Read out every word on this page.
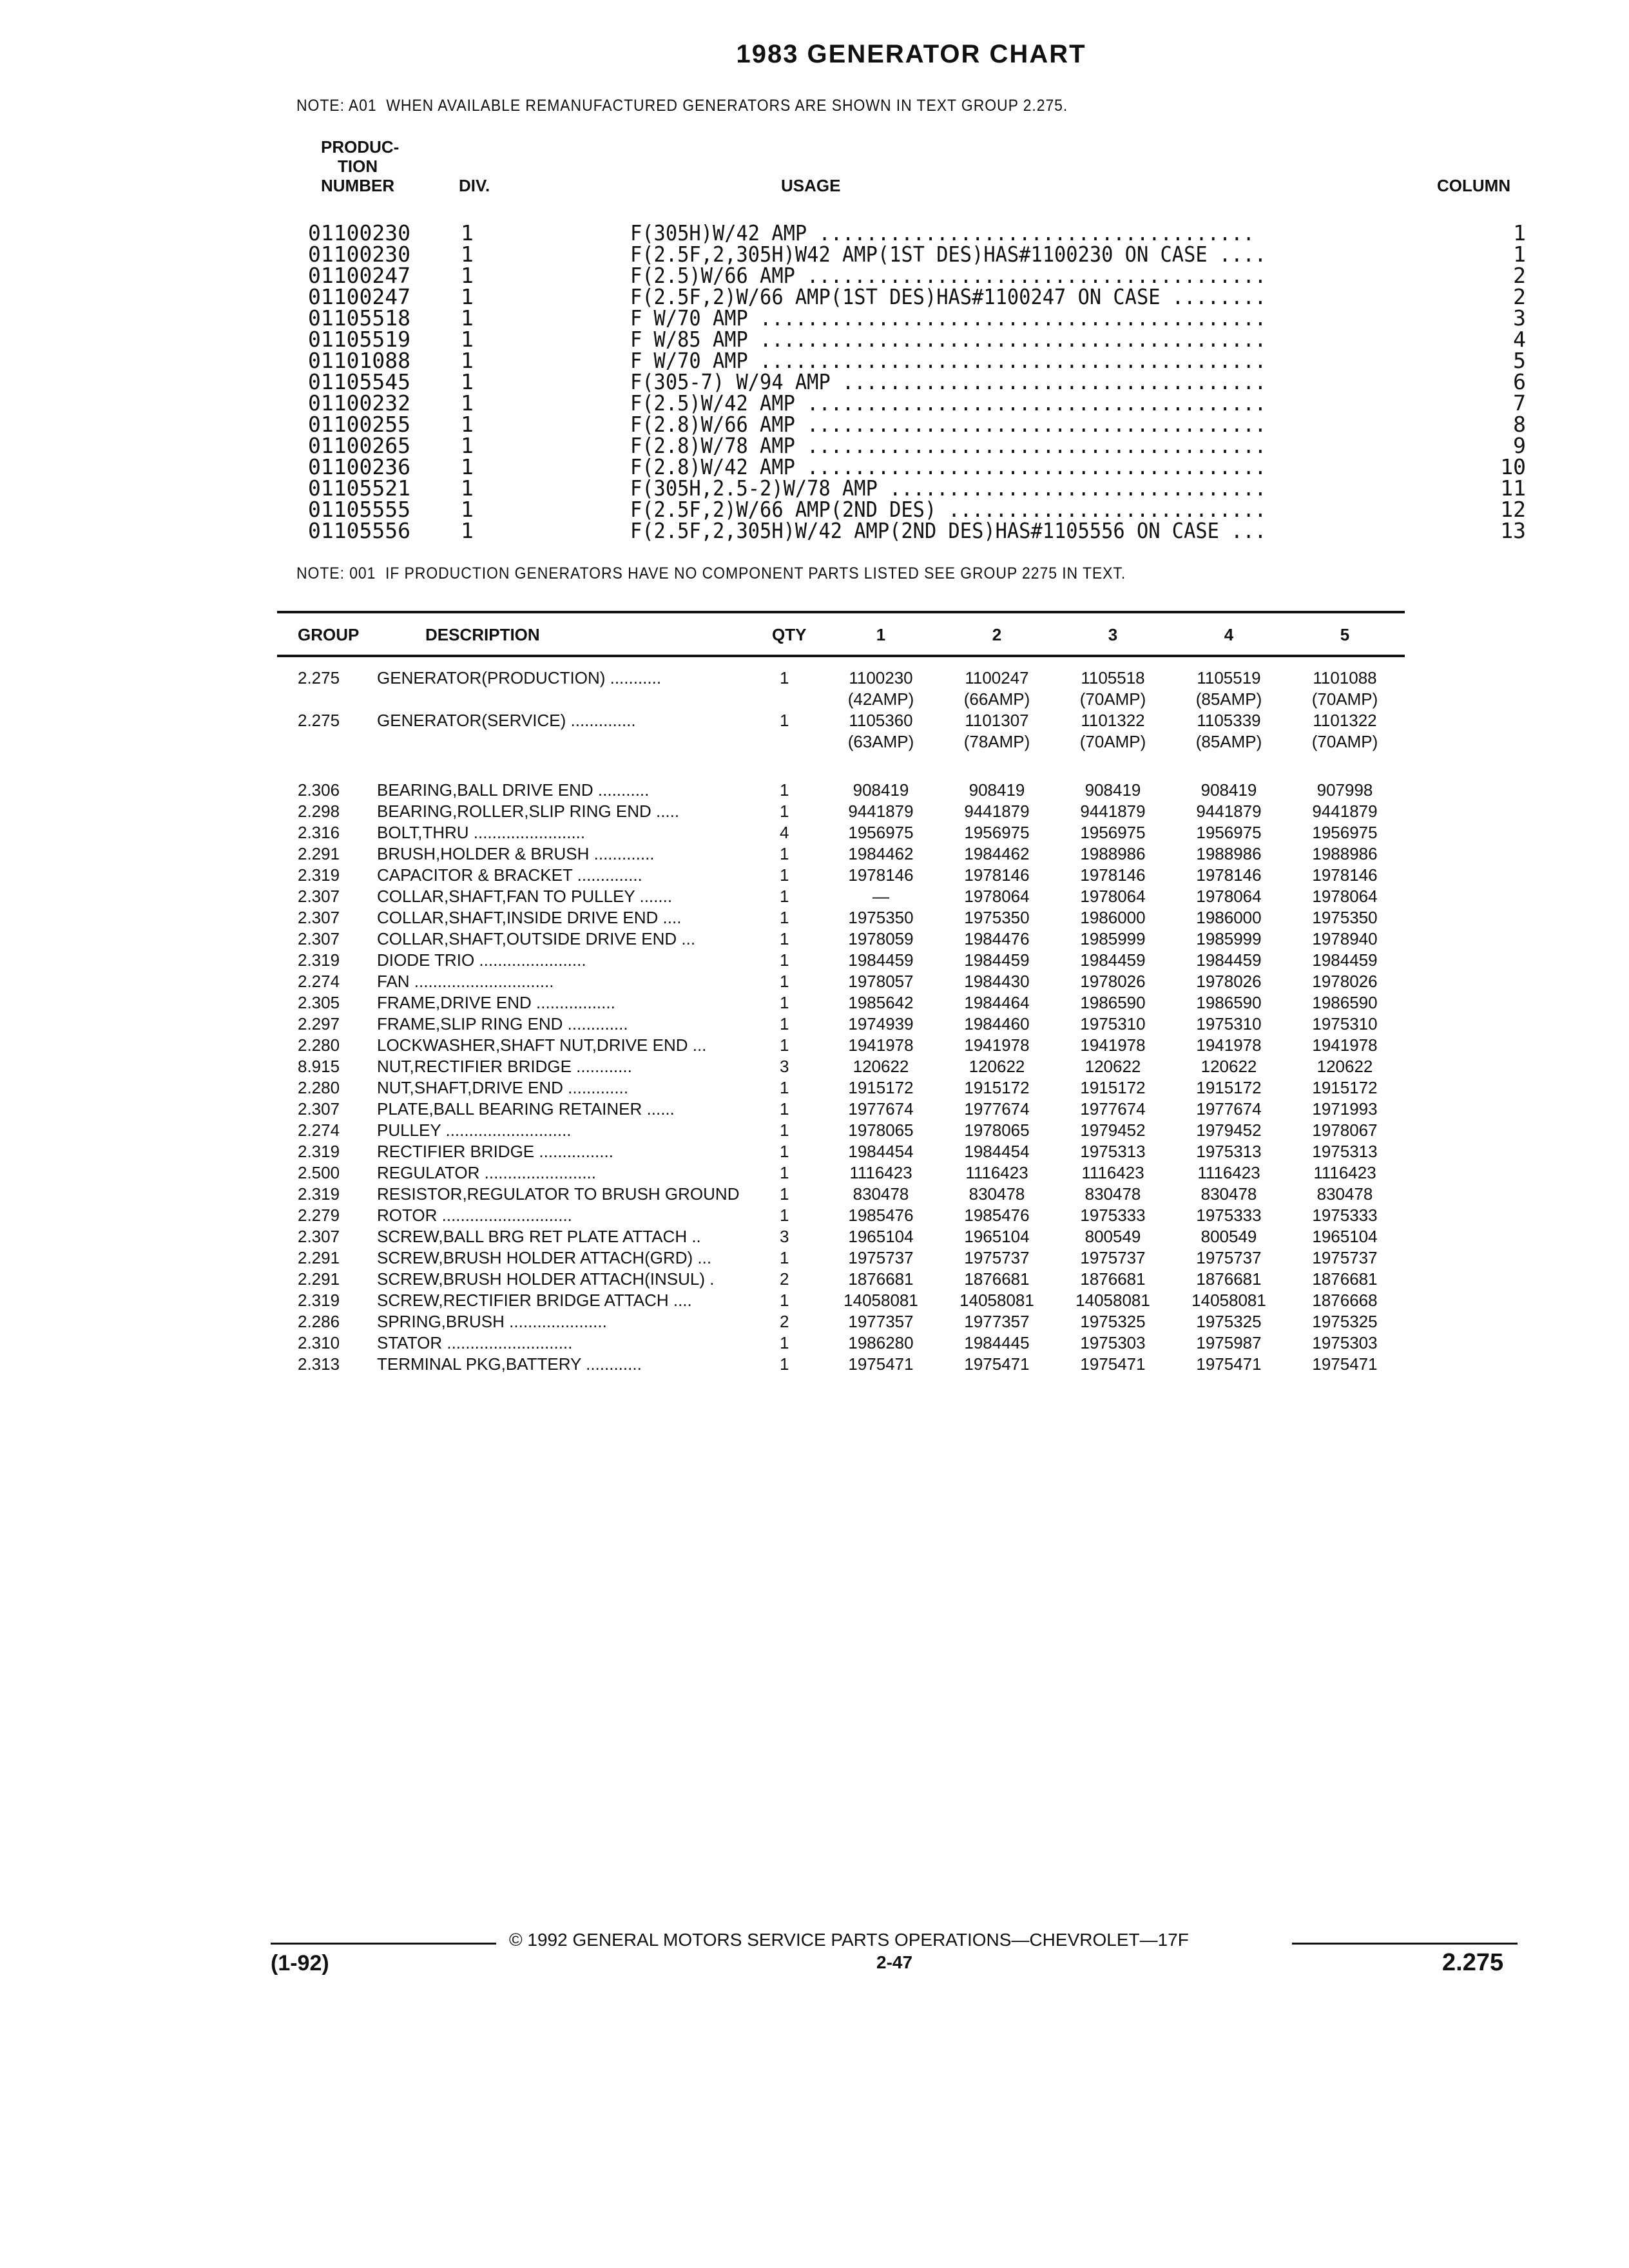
1983 GENERATOR CHART
NOTE: A01  WHEN AVAILABLE REMANUFACTURED GENERATORS ARE SHOWN IN TEXT GROUP 2.275.
PRODUC-
TION
NUMBER	DIV.	USAGE	COLUMN
01100230 1	F(305H)W/42 AMP .....................................	1
01100230 1	F(2.5F,2,305H)W42 AMP(1ST DES)HAS#1100230 ON CASE ....	1
01100247 1	F(2.5)W/66 AMP .......................................	2
01100247 1	F(2.5F,2)W/66 AMP(1ST DES)HAS#1100247 ON CASE ........	2
01105518 1	F W/70 AMP ...........................................	3
01105519 1	F W/85 AMP ...........................................	4
01101088 1	F W/70 AMP ...........................................	5
01105545 1	F(305-7) W/94 AMP ....................................	6
01100232 1	F(2.5)W/42 AMP .......................................	7
01100255 1	F(2.8)W/66 AMP .......................................	8
01100265 1	F(2.8)W/78 AMP .......................................	9
01100236 1	F(2.8)W/42 AMP .......................................	10
01105521 1	F(305H,2.5-2)W/78 AMP ................................	11
01105555 1	F(2.5F,2)W/66 AMP(2ND DES) ...........................	12
01105556 1	F(2.5F,2,305H)W/42 AMP(2ND DES)HAS#1105556 ON CASE ...	13
NOTE: 001  IF PRODUCTION GENERATORS HAVE NO COMPONENT PARTS LISTED SEE GROUP 2275 IN TEXT.
GROUP	DESCRIPTION	QTY	1	2	3	4	5
2.275 GENERATOR(PRODUCTION) ...........	1	1100230	1100247	1105518	1105519	1101088
(42AMP)	(66AMP)	(70AMP)	(85AMP)	(70AMP)
2.275 GENERATOR(SERVICE) ..............	1	1105360	1101307	1101322	1105339	1101322
(63AMP)	(78AMP)	(70AMP)	(85AMP)	(70AMP)
2.306 BEARING,BALL DRIVE END ...........	1	908419	908419	908419	908419	907998
2.298 BEARING,ROLLER,SLIP RING END .....	1	9441879	9441879	9441879	9441879	9441879
2.316 BOLT,THRU ........................	4	1956975	1956975	1956975	1956975	1956975
2.291 BRUSH,HOLDER & BRUSH .............	1	1984462	1984462	1988986	1988986	1988986
2.319 CAPACITOR & BRACKET ..............	1	1978146	1978146	1978146	1978146	1978146
2.307 COLLAR,SHAFT,FAN TO PULLEY .......	1	—	1978064	1978064	1978064	1978064
2.307 COLLAR,SHAFT,INSIDE DRIVE END ....	1	1975350	1975350	1986000	1986000	1975350
2.307 COLLAR,SHAFT,OUTSIDE DRIVE END ...	1	1978059	1984476	1985999	1985999	1978940
2.319 DIODE TRIO .......................	1	1984459	1984459	1984459	1984459	1984459
2.274 FAN ..............................	1	1978057	1984430	1978026	1978026	1978026
2.305 FRAME,DRIVE END .................	1	1985642	1984464	1986590	1986590	1986590
2.297 FRAME,SLIP RING END .............	1	1974939	1984460	1975310	1975310	1975310
2.280 LOCKWASHER,SHAFT NUT,DRIVE END ...	1	1941978	1941978	1941978	1941978	1941978
8.915 NUT,RECTIFIER BRIDGE ............	3	120622	120622	120622	120622	120622
2.280 NUT,SHAFT,DRIVE END .............	1	1915172	1915172	1915172	1915172	1915172
2.307 PLATE,BALL BEARING RETAINER ......	1	1977674	1977674	1977674	1977674	1971993
2.274 PULLEY ...........................	1	1978065	1978065	1979452	1979452	1978067
2.319 RECTIFIER BRIDGE ................	1	1984454	1984454	1975313	1975313	1975313
2.500 REGULATOR ........................	1	1116423	1116423	1116423	1116423	1116423
2.319 RESISTOR,REGULATOR TO BRUSH GROUND 1	830478	830478	830478	830478	830478
2.279 ROTOR ............................	1	1985476	1985476	1975333	1975333	1975333
2.307 SCREW,BALL BRG RET PLATE ATTACH ..	3	1965104	1965104	800549	800549	1965104
2.291 SCREW,BRUSH HOLDER ATTACH(GRD) ...	1	1975737	1975737	1975737	1975737	1975737
2.291 SCREW,BRUSH HOLDER ATTACH(INSUL) .	2	1876681	1876681	1876681	1876681	1876681
2.319 SCREW,RECTIFIER BRIDGE ATTACH ....	1	14058081	14058081	14058081	14058081	1876668
2.286 SPRING,BRUSH .....................	2	1977357	1977357	1975325	1975325	1975325
2.310 STATOR ...........................	1	1986280	1984445	1975303	1975987	1975303
2.313 TERMINAL PKG,BATTERY ............	1	1975471	1975471	1975471	1975471	1975471
© 1992 GENERAL MOTORS SERVICE PARTS OPERATIONS—CHEVROLET—17F
(1-92)	2-47	2.275
